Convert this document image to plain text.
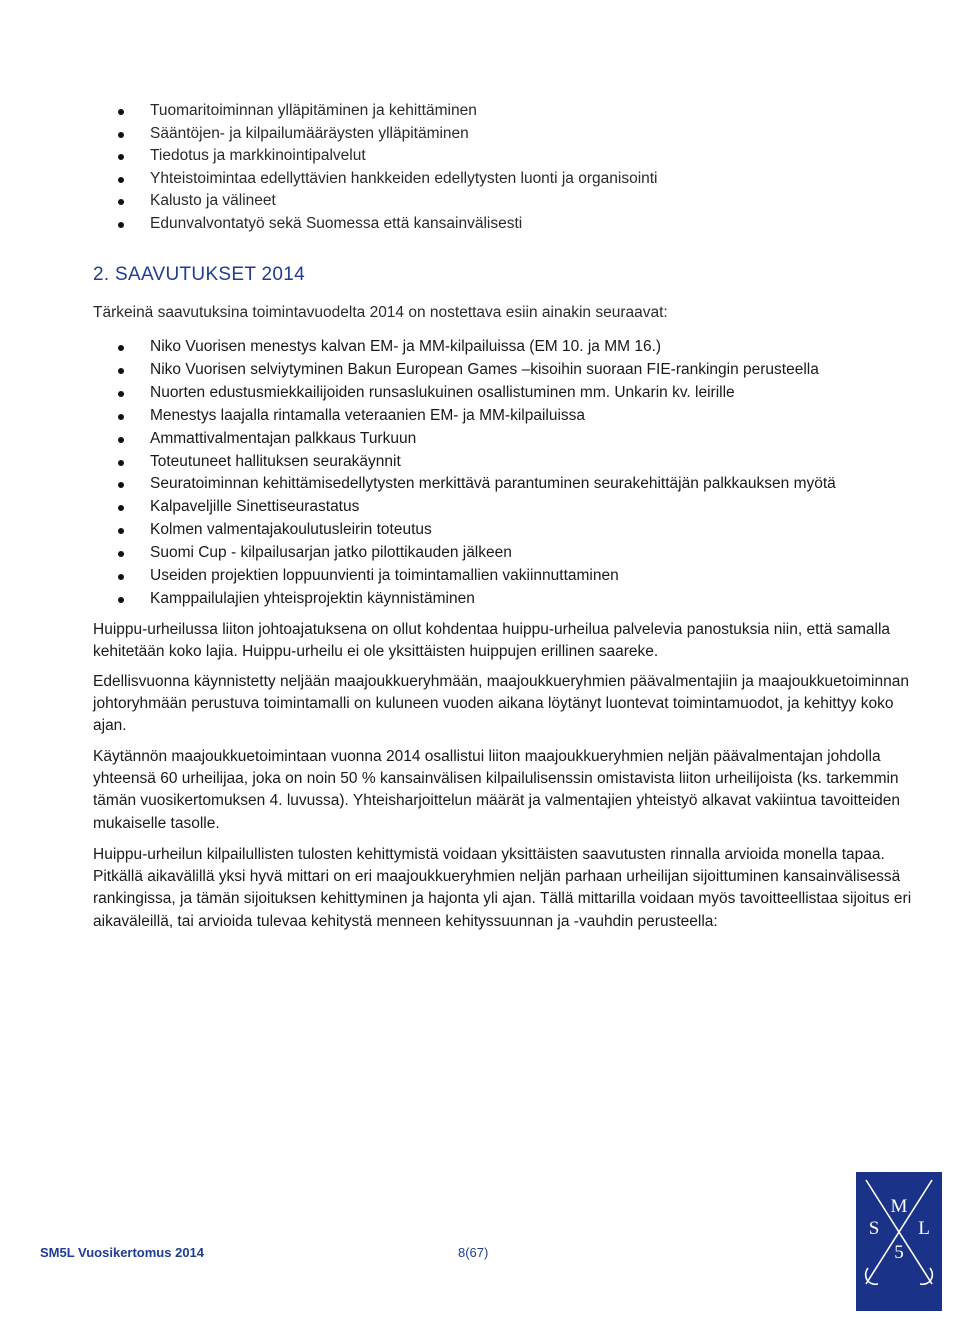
Tuomaritoiminnan ylläpitäminen ja kehittäminen
Sääntöjen- ja kilpailumääräysten ylläpitäminen
Tiedotus ja markkinointipalvelut
Yhteistoimintaa edellyttävien hankkeiden edellytysten luonti ja organisointi
Kalusto ja välineet
Edunvalvontatyö sekä Suomessa että kansainvälisesti
2. SAAVUTUKSET 2014

Tärkeinä saavutuksina toimintavuodelta 2014 on nostettava esiin ainakin seuraavat:

Niko Vuorisen menestys kalvan EM- ja MM-kilpailuissa (EM 10. ja MM 16.)
Niko Vuorisen selviytyminen Bakun European Games –kisoihin suoraan FIE-rankingin perusteella
Nuorten edustusmiekkailijoiden runsaslukuinen osallistuminen mm. Unkarin kv. leirille
Menestys laajalla rintamalla veteraanien EM- ja MM-kilpailuissa
Ammattivalmentajan palkkaus Turkuun
Toteutuneet hallituksen seurakäynnit
Seuratoiminnan kehittämisedellytysten merkittävä parantuminen seurakehittäjän palkkauksen myötä
Kalpaveljille Sinettiseurastatus
Kolmen valmentajakoulutusleirin toteutus
Suomi Cup - kilpailusarjan jatko pilottikauden jälkeen
Useiden projektien loppuunvienti ja toimintamallien vakiinnuttaminen
Kamppailulajien yhteisprojektin käynnistäminen

Huippu-urheilussa liiton johtoajatuksena on ollut kohdentaa huippu-urheilua palvelevia panostuksia niin, että samalla kehitetään koko lajia. Huippu-urheilu ei ole yksittäisten huippujen erillinen saareke.

Edellisvuonna käynnistetty neljään maajoukkueryhmään, maajoukkueryhmien päävalmentajiin ja maajoukkuetoiminnan johtoryhmään perustuva toimintamalli on kuluneen vuoden aikana löytänyt luontevat toimintamuodot, ja kehittyy koko ajan.

Käytännön maajoukkuetoimintaan vuonna 2014 osallistui liiton maajoukkueryhmien neljän päävalmentajan johdolla yhteensä 60 urheilijaa, joka on noin 50 % kansainvälisen kilpailulisenssin omistavista liiton urheilijoista (ks. tarkemmin tämän vuosikertomuksen 4. luvussa). Yhteisharjoittelun määrät ja valmentajien yhteistyö alkavat vakiintua tavoitteiden mukaiselle tasolle.

Huippu-urheilun kilpailullisten tulosten kehittymistä voidaan yksittäisten saavutusten rinnalla arvioida monella tapaa. Pitkällä aikavälillä yksi hyvä mittari on eri maajoukkueryhmien neljän parhaan urheilijan sijoittuminen kansainvälisessä rankingissa, ja tämän sijoituksen kehittyminen ja hajonta yli ajan. Tällä mittarilla voidaan myös tavoitteellistaa sijoitus eri aikaväleillä, tai arvioida tulevaa kehitystä menneen kehityssuunnan ja -vauhdin perusteella:

SM5L Vuosikertomus 2014	8(67)

M
S L
5
